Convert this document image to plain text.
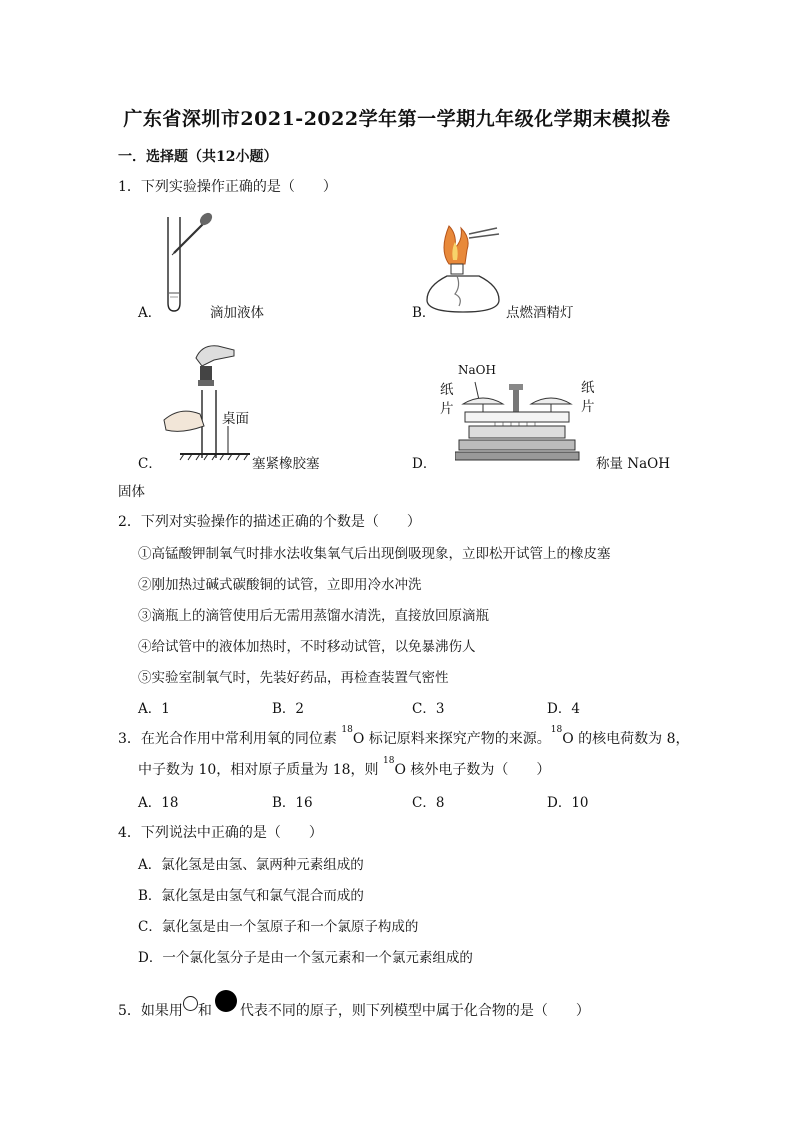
广东省深圳市2021-2022学年第一学期九年级化学期末模拟卷
一．选择题（共12小题）
1．下列实验操作正确的是（　　）
A．	滴加液体	B．	点燃酒精灯
桌面
C．	塞紧橡胶塞
NaOH
纸
片
纸
片
D．	称量 NaOH
固体
2．下列对实验操作的描述正确的个数是（　　）
①高锰酸钾制氧气时排水法收集氧气后出现倒吸现象，立即松开试管上的橡皮塞
②刚加热过碱式碳酸铜的试管，立即用冷水冲洗
③滴瓶上的滴管使用后无需用蒸馏水清洗，直接放回原滴瓶
④给试管中的液体加热时，不时移动试管，以免暴沸伤人
⑤实验室制氧气时，先装好药品，再检查装置气密性
A．1	B．2	C．3	D．4
3．在光合作用中常利用氧的同位素 $^{18}$O 标记原料来探究产物的来源。$^{18}$O 的核电荷数为 8，
中子数为 10，相对原子质量为 18，则 $^{18}$O 核外电子数为（　　）
A．18	B．16	C．8	D．10
4．下列说法中正确的是（　　）
A．氯化氢是由氢、氯两种元素组成的
B．氯化氢是由氢气和氯气混合而成的
C．氯化氢是由一个氢原子和一个氯原子构成的
D．一个氯化氢分子是由一个氢元素和一个氯元素组成的
5．如果用 和 代表不同的原子，则下列模型中属于化合物的是（　　）
